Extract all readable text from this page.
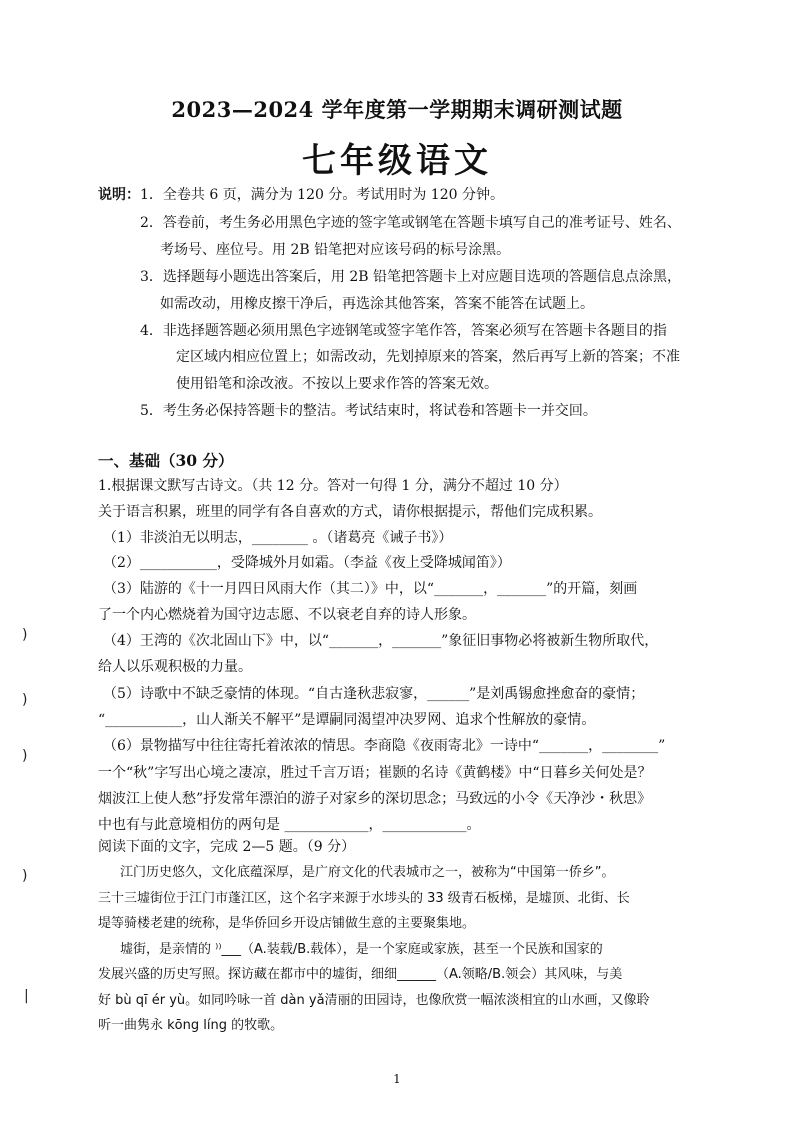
2023—2024 学年度第一学期期末调研测试题
七年级语文
说明： 1．全卷共 6 页，满分为 120 分。考试用时为 120 分钟。
2．答卷前，考生务必用黑色字迹的签字笔或钢笔在答题卡填写自己的准考证号、姓名、
考场号、座位号。用 2B 铅笔把对应该号码的标号涂黑。
3．选择题每小题选出答案后，用 2B 铅笔把答题卡上对应题目选项的答题信息点涂黑，
如需改动，用橡皮擦干净后，再选涂其他答案，答案不能答在试题上。
4．非选择题答题必须用黑色字迹钢笔或签字笔作答，答案必须写在答题卡各题目的指
定区域内相应位置上；如需改动，先划掉原来的答案，然后再写上新的答案；不准
使用铅笔和涂改液。不按以上要求作答的答案无效。
5．考生务必保持答题卡的整洁。考试结束时，将试卷和答题卡一并交回。
一、基础（30 分）
1.根据课文默写古诗文。（共 12 分。答对一句得 1 分，满分不超过 10 分）
关于语言积累，班里的同学有各自喜欢的方式，请你根据提示，帮他们完成积累。
（1）非淡泊无以明志，________ 。（诸葛亮《诫子书》）
（2）___________，受降城外月如霜。（李益《夜上受降城闻笛》）
（3）陆游的《十一月四日风雨大作（其二）》中，以“_______，_______”的开篇，刻画
了一个内心燃烧着为国守边志愿、不以衰老自弃的诗人形象。
（4）王湾的《次北固山下》中，以“_______，_______”象征旧事物必将被新生物所取代，
给人以乐观积极的力量。
（5）诗歌中不缺乏豪情的体现。“自古逢秋悲寂寥，______”是刘禹锡愈挫愈奋的豪情；
“___________，山人渐关不解平”是谭嗣同渴望冲决罗网、追求个性解放的豪情。
（6）景物描写中往往寄托着浓浓的情思。李商隐《夜雨寄北》一诗中“_______，________”
一个“秋”字写出心境之凄凉，胜过千言万语；崔颢的名诗《黄鹤楼》中“日暮乡关何处是？
烟波江上使人愁”抒发常年漂泊的游子对家乡的深切思念；马致远的小令《天净沙・秋思》
中也有与此意境相仿的两句是 ____________，____________。
阅读下面的文字，完成 2—5 题。（9 分）
江门历史悠久，文化底蕴深厚，是广府文化的代表城市之一，被称为“中国第一侨乡”。
三十三墟街位于江门市蓬江区，这个名字来源于水埗头的 33 级青石板梯，是墟顶、北街、长
堤等骑楼老建的统称，是华侨回乡开设店铺做生意的主要聚集地。
墟街，是亲情的 ⁾⁾___（A.装载/B.载体），是一个家庭或家族，甚至一个民族和国家的
发展兴盛的历史写照。探访藏在都市中的墟街，细细______（A.领略/B.领会）其风味，与美
好 bù qī ér yù。如同吟咏一首 dàn yǎ清丽的田园诗，也像欣赏一幅浓淡相宜的山水画，又像聆
听一曲隽永 kōng líng 的牧歌。
)
)
)
)
|
1
